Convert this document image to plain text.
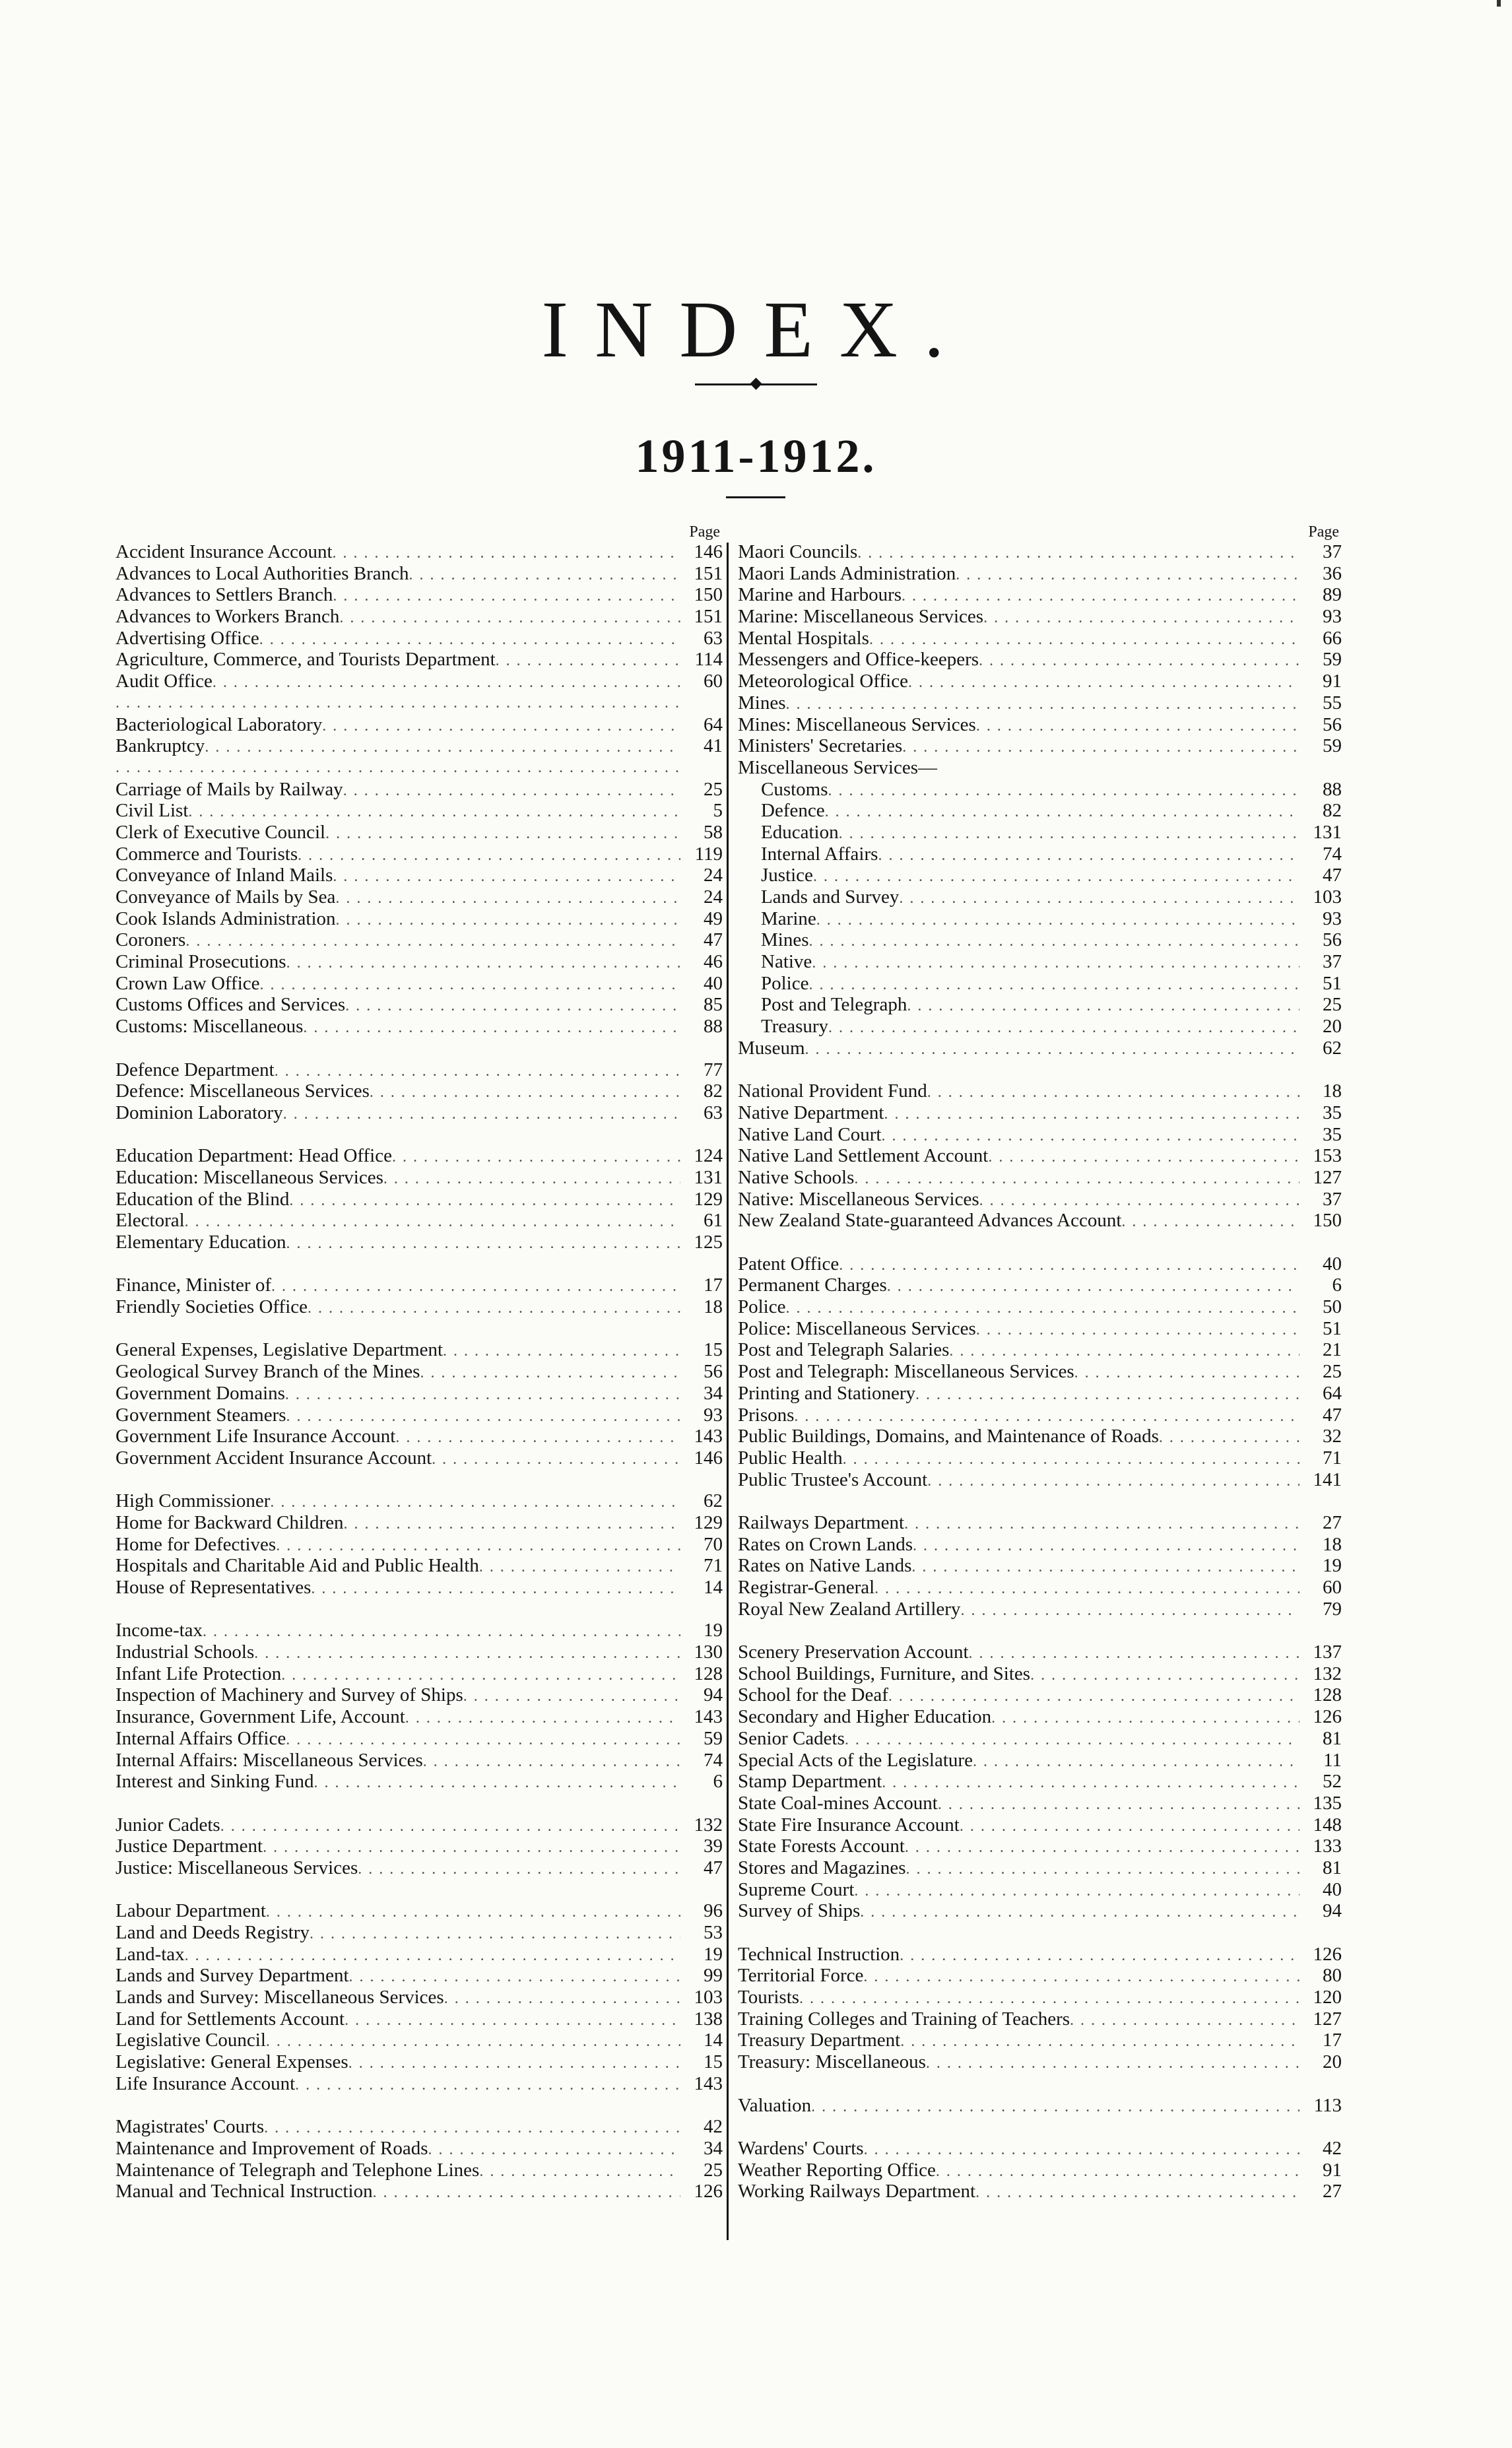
INDEX.
1911-1912.
Page
Accident Insurance Account . . .	146
Advances to Local Authorities Branch . . .	151
Advances to Settlers Branch . . .	150
Advances to Workers Branch . . .	151
Advertising Office . . .	63
Agriculture, Commerce, and Tourists Department . . .	114
Audit Office . . .	60
. . .
Bacteriological Laboratory . . .	64
Bankruptcy . . .	41
. . .
Carriage of Mails by Railway . . .	25
Civil List . . .	5
Clerk of Executive Council . . .	58
Commerce and Tourists . . .	119
Conveyance of Inland Mails . . .	24
Conveyance of Mails by Sea . . .	24
Cook Islands Administration . . .	49
Coroners . . .	47
Criminal Prosecutions . . .	46
Crown Law Office . . .	40
Customs Offices and Services . . .	85
Customs: Miscellaneous . . .	88
Defence Department . . .	77
Defence: Miscellaneous Services . . .	82
Dominion Laboratory . . .	63
Education Department: Head Office . . .	124
Education: Miscellaneous Services . . .	131
Education of the Blind . . .	129
Electoral . . .	61
Elementary Education . . .	125
Finance, Minister of . . .	17
Friendly Societies Office . . .	18
General Expenses, Legislative Department . . .	15
Geological Survey Branch of the Mines . . .	56
Government Domains . . .	34
Government Steamers . . .	93
Government Life Insurance Account . . .	143
Government Accident Insurance Account . . .	146
High Commissioner . . .	62
Home for Backward Children . . .	129
Home for Defectives . . .	70
Hospitals and Charitable Aid and Public Health . . .	71
House of Representatives . . .	14
Income-tax . . .	19
Industrial Schools . . .	130
Infant Life Protection . . .	128
Inspection of Machinery and Survey of Ships . . .	94
Insurance, Government Life, Account . . .	143
Internal Affairs Office . . .	59
Internal Affairs: Miscellaneous Services . . .	74
Interest and Sinking Fund . . .	6
Junior Cadets . . .	132
Justice Department . . .	39
Justice: Miscellaneous Services . . .	47
Labour Department . . .	96
Land and Deeds Registry . . .	53
Land-tax . . .	19
Lands and Survey Department . . .	99
Lands and Survey: Miscellaneous Services . . .	103
Land for Settlements Account . . .	138
Legislative Council . . .	14
Legislative: General Expenses . . .	15
Life Insurance Account . . .	143
Magistrates' Courts . . .	42
Maintenance and Improvement of Roads . . .	34
Maintenance of Telegraph and Telephone Lines . . .	25
Manual and Technical Instruction . . .	126
Page
Maori Councils . . .	37
Maori Lands Administration . . .	36
Marine and Harbours . . .	89
Marine: Miscellaneous Services . . .	93
Mental Hospitals . . .	66
Messengers and Office-keepers . . .	59
Meteorological Office . . .	91
Mines . . .	55
Mines: Miscellaneous Services . . .	56
Ministers' Secretaries . . .	59
Miscellaneous Services—
Customs . . .	88
Defence . . .	82
Education . . .	131
Internal Affairs . . .	74
Justice . . .	47
Lands and Survey . . .	103
Marine . . .	93
Mines . . .	56
Native . . .	37
Police . . .	51
Post and Telegraph . . .	25
Treasury . . .	20
Museum . . .	62
National Provident Fund . . .	18
Native Department . . .	35
Native Land Court . . .	35
Native Land Settlement Account . . .	153
Native Schools . . .	127
Native: Miscellaneous Services . . .	37
New Zealand State-guaranteed Advances Account . . .	150
Patent Office . . .	40
Permanent Charges . . .	6
Police . . .	50
Police: Miscellaneous Services . . .	51
Post and Telegraph Salaries . . .	21
Post and Telegraph: Miscellaneous Services . . .	25
Printing and Stationery . . .	64
Prisons . . .	47
Public Buildings, Domains, and Maintenance of Roads . . .	32
Public Health . . .	71
Public Trustee's Account . . .	141
Railways Department . . .	27
Rates on Crown Lands . . .	18
Rates on Native Lands . . .	19
Registrar-General . . .	60
Royal New Zealand Artillery . . .	79
Scenery Preservation Account . . .	137
School Buildings, Furniture, and Sites . . .	132
School for the Deaf . . .	128
Secondary and Higher Education . . .	126
Senior Cadets . . .	81
Special Acts of the Legislature . . .	11
Stamp Department . . .	52
State Coal-mines Account . . .	135
State Fire Insurance Account . . .	148
State Forests Account . . .	133
Stores and Magazines . . .	81
Supreme Court . . .	40
Survey of Ships . . .	94
Technical Instruction . . .	126
Territorial Force . . .	80
Tourists . . .	120
Training Colleges and Training of Teachers . . .	127
Treasury Department . . .	17
Treasury: Miscellaneous . . .	20
Valuation . . .	113
Wardens' Courts . . .	42
Weather Reporting Office . . .	91
Working Railways Department . . .	27
